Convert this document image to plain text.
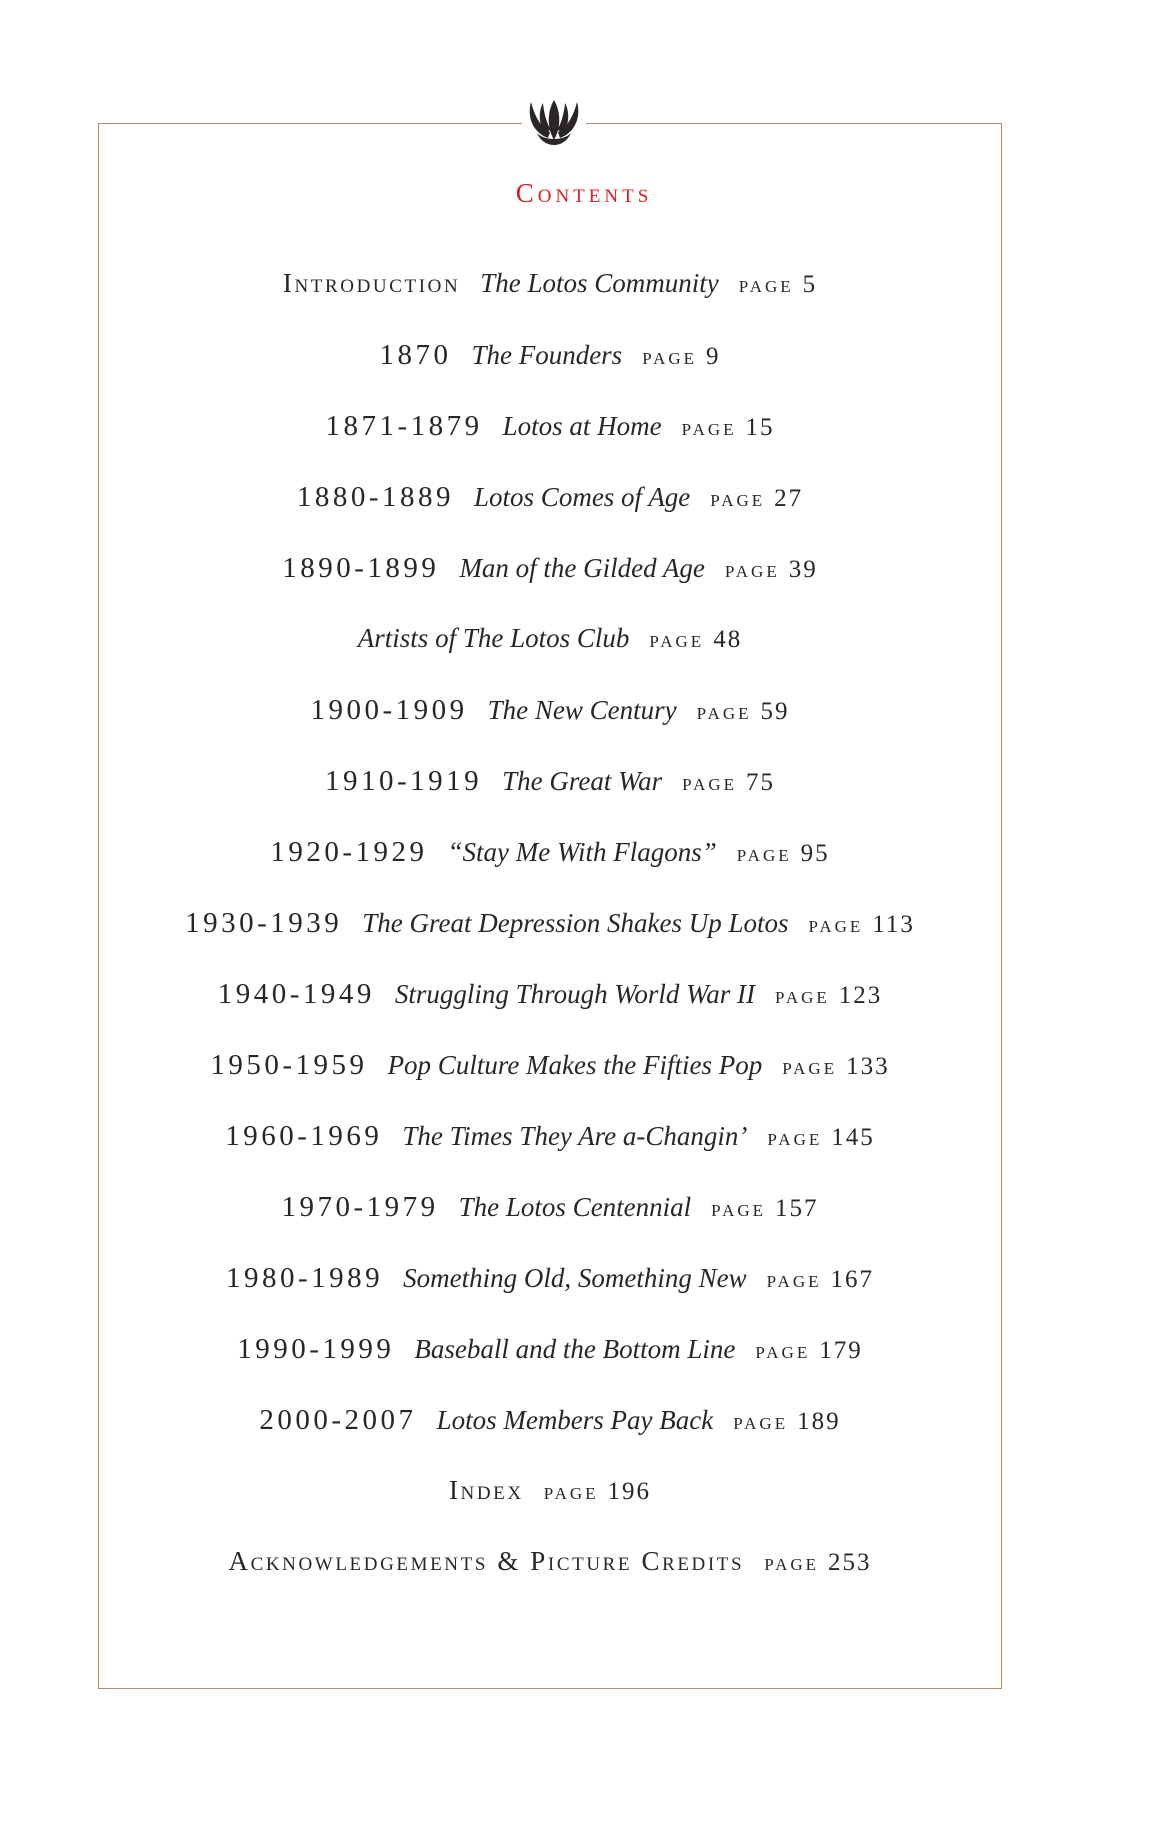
Contents
Introduction The Lotos Community PAGE 5
1870 The Founders PAGE 9
1871-1879 Lotos at Home PAGE 15
1880-1889 Lotos Comes of Age PAGE 27
1890-1899 Man of the Gilded Age PAGE 39
Artists of The Lotos Club PAGE 48
1900-1909 The New Century PAGE 59
1910-1919 The Great War PAGE 75
1920-1929 “Stay Me With Flagons” PAGE 95
1930-1939 The Great Depression Shakes Up Lotos PAGE 113
1940-1949 Struggling Through World War II PAGE 123
1950-1959 Pop Culture Makes the Fifties Pop PAGE 133
1960-1969 The Times They Are a-Changin’ PAGE 145
1970-1979 The Lotos Centennial PAGE 157
1980-1989 Something Old, Something New PAGE 167
1990-1999 Baseball and the Bottom Line PAGE 179
2000-2007 Lotos Members Pay Back PAGE 189
Index PAGE 196
Acknowledgements & Picture Credits PAGE 253
